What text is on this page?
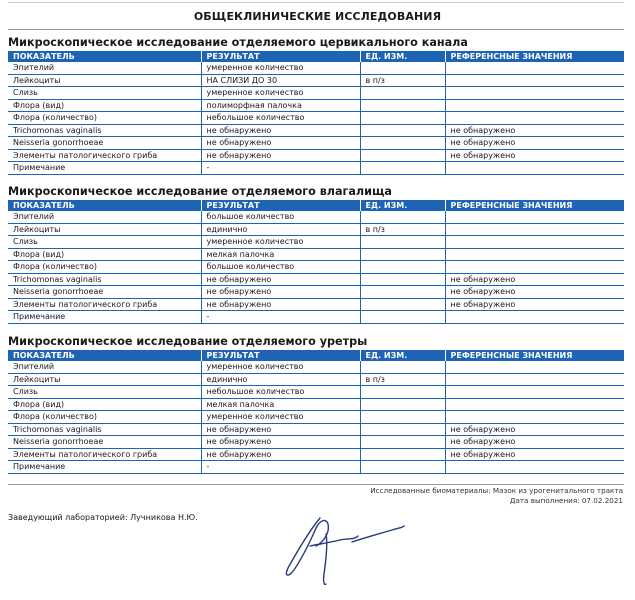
ОБЩЕКЛИНИЧЕСКИЕ ИССЛЕДОВАНИЯ
Микроскопическое исследование отделяемого цервикального канала
ПОКАЗАТЕЛЬ	РЕЗУЛЬТАТ	ЕД. ИЗМ.	РЕФЕРЕНСНЫЕ ЗНАЧЕНИЯ
Эпителий	умеренное количество		
Лейкоциты	НА СЛИЗИ ДО 30	в п/з	
Слизь	умеренное количество		
Флора (вид)	полиморфная палочка		
Флора (количество)	небольшое количество		
Trichomonas vaginalis	не обнаружено		не обнаружено
Neisseria gonorrhoeae	не обнаружено		не обнаружено
Элементы патологического гриба	не обнаружено		не обнаружено
Примечание	-		
Микроскопическое исследование отделяемого влагалища
ПОКАЗАТЕЛЬ	РЕЗУЛЬТАТ	ЕД. ИЗМ.	РЕФЕРЕНСНЫЕ ЗНАЧЕНИЯ
Эпителий	большое количество		
Лейкоциты	единично	в п/з	
Слизь	умеренное количество		
Флора (вид)	мелкая палочка		
Флора (количество)	большое количество		
Trichomonas vaginalis	не обнаружено		не обнаружено
Neisseria gonorrhoeae	не обнаружено		не обнаружено
Элементы патологического гриба	не обнаружено		не обнаружено
Примечание	-		
Микроскопическое исследование отделяемого уретры
ПОКАЗАТЕЛЬ	РЕЗУЛЬТАТ	ЕД. ИЗМ.	РЕФЕРЕНСНЫЕ ЗНАЧЕНИЯ
Эпителий	умеренное количество		
Лейкоциты	единично	в п/з	
Слизь	небольшое количество		
Флора (вид)	мелкая палочка		
Флора (количество)	умеренное количество		
Trichomonas vaginalis	не обнаружено		не обнаружено
Neisseria gonorrhoeae	не обнаружено		не обнаружено
Элементы патологического гриба	не обнаружено		не обнаружено
Примечание	-		
Исследованные биоматериалы: Мазок из урогенитального тракта
Дата выполнения: 07.02.2021
Заведующий лабораторией: Лучникова Н.Ю.
